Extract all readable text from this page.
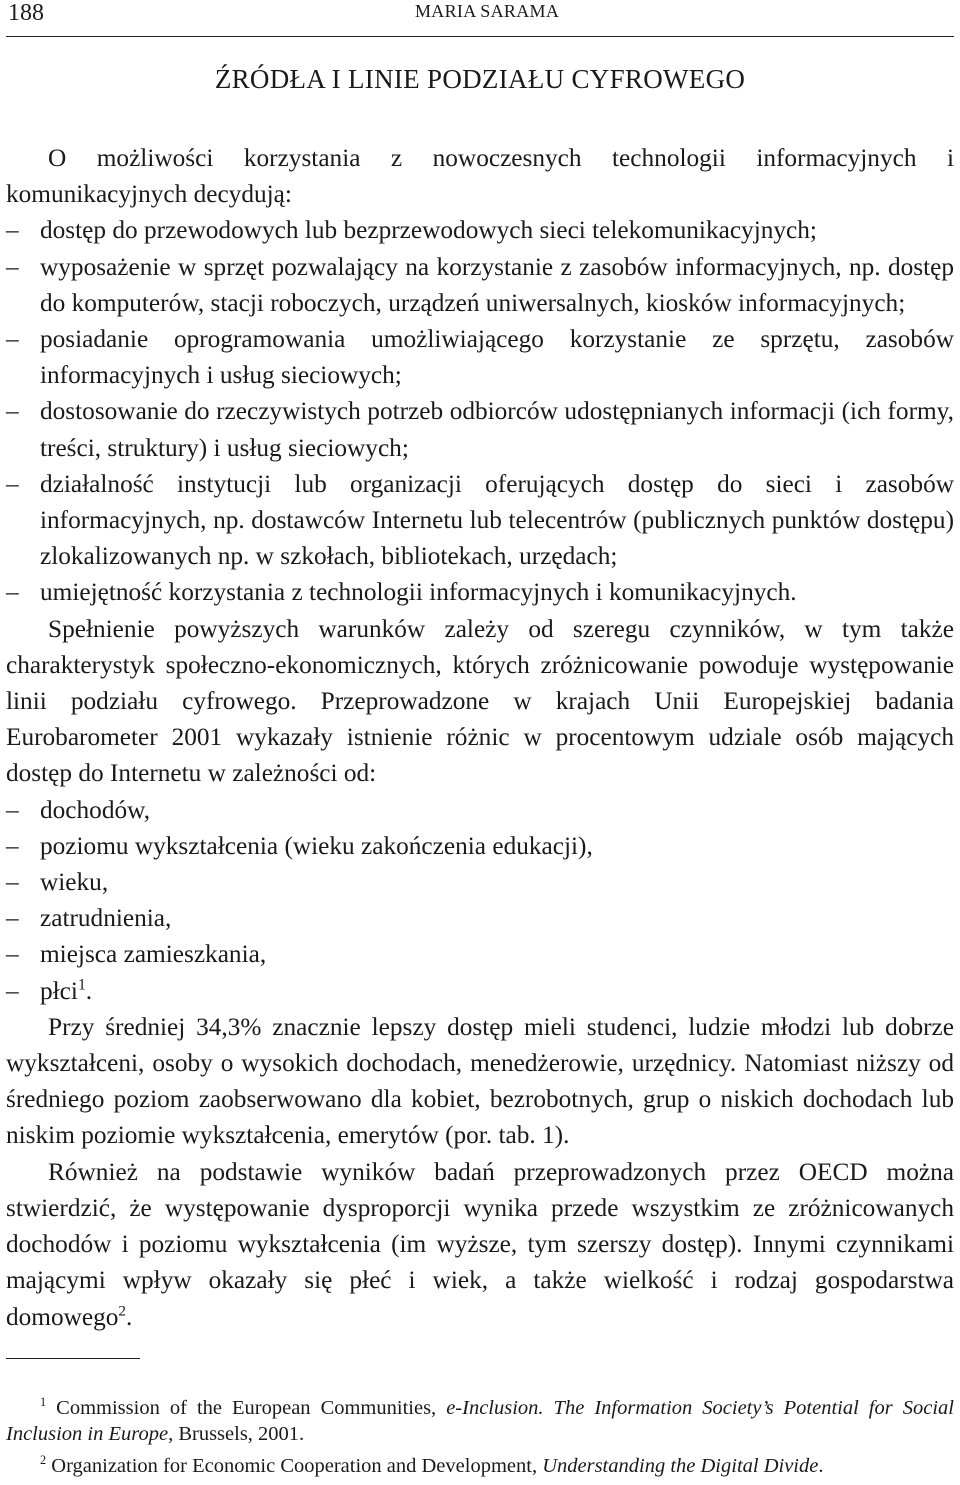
188	MARIA SARAMA
ŹRÓDŁA I LINIE PODZIAŁU CYFROWEGO

O możliwości korzystania z nowoczesnych technologii informacyjnych i komunikacyjnych decydują:

– dostęp do przewodowych lub bezprzewodowych sieci telekomunikacyjnych;

– wyposażenie w sprzęt pozwalający na korzystanie z zasobów informacyjnych, np. dostęp do komputerów, stacji roboczych, urządzeń uniwersalnych, kiosków informacyjnych;

– posiadanie oprogramowania umożliwiającego korzystanie ze sprzętu, zasobów informacyjnych i usług sieciowych;

– dostosowanie do rzeczywistych potrzeb odbiorców udostępnianych informacji (ich formy, treści, struktury) i usług sieciowych;

– działalność instytucji lub organizacji oferujących dostęp do sieci i zasobów informacyjnych, np. dostawców Internetu lub telecentrów (publicznych punktów dostępu) zlokalizowanych np. w szkołach, bibliotekach, urzędach;

– umiejętność korzystania z technologii informacyjnych i komunikacyjnych.

Spełnienie powyższych warunków zależy od szeregu czynników, w tym także charakterystyk społeczno-ekonomicznych, których zróżnicowanie powoduje występowanie linii podziału cyfrowego. Przeprowadzone w krajach Unii Europejskiej badania Eurobarometer 2001 wykazały istnienie różnic w procentowym udziale osób mających dostęp do Internetu w zależności od:

– dochodów,

– poziomu wykształcenia (wieku zakończenia edukacji),

– wieku,

– zatrudnienia,

– miejsca zamieszkania,

– płci$^1$.

Przy średniej 34,3% znacznie lepszy dostęp mieli studenci, ludzie młodzi lub dobrze wykształceni, osoby o wysokich dochodach, menedżerowie, urzędnicy. Natomiast niższy od średniego poziom zaobserwowano dla kobiet, bezrobotnych, grup o niskich dochodach lub niskim poziomie wykształcenia, emerytów (por. tab. 1).

Również na podstawie wyników badań przeprowadzonych przez OECD można stwierdzić, że występowanie dysproporcji wynika przede wszystkim ze zróżnicowanych dochodów i poziomu wykształcenia (im wyższe, tym szerszy dostęp). Innymi czynnikami mającymi wpływ okazały się płeć i wiek, a także wielkość i rodzaj gospodarstwa domowego$^2$.

$^1$ Commission of the European Communities, e-Inclusion. The Information Society’s Potential for Social Inclusion in Europe, Brussels, 2001.

$^2$ Organization for Economic Cooperation and Development, Understanding the Digital Divide.
